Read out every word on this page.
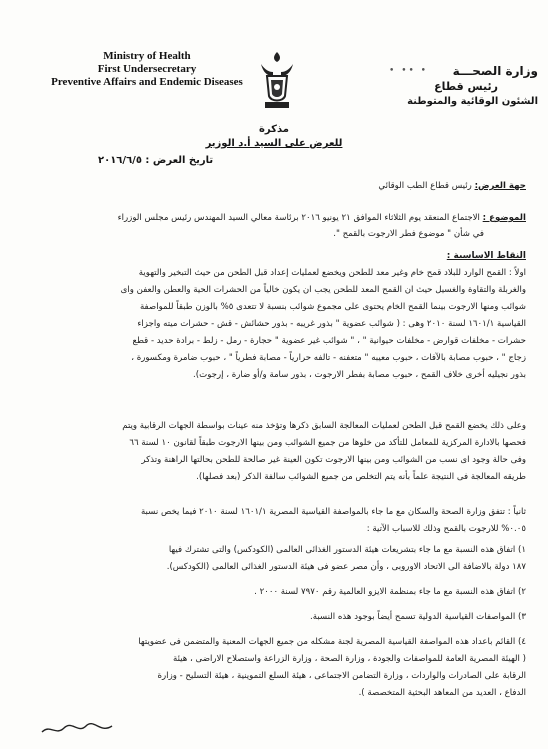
Ministry of Health
First Undersecretary
Preventive Affairs and Endemic Diseases
• •• •	وزارة الصحـــة
رئيس قطاع
الشئون الوقائية والمتوطنة
مذكرة
للعرض على السيد أ.د الوزير
تاريخ العرض : ٢٠١٦/٦/٥
جهة العرض: رئيس قطاع الطب الوقائي
الموضوع : الاجتماع المنعقد يوم الثلاثاء الموافق ٢١ يونيو ٢٠١٦ برئاسة معالي السيد المهندس رئيس مجلس الوزراء
في شأن " موضوع فطر الارجوت بالقمح ".
النقاط الاساسية :
اولاً : القمح الوارد للبلاد قمح خام وغير معد للطحن ويخضع لعمليات إعداد قبل الطحن من حيث التبخير والتهوية
والغربلة والتقاوة والغسيل حيث ان القمح المعد للطحن يجب ان يكون خالياً من الحشرات الحية والعطن والعفن واى
شوائب ومنها الارجوت بينما القمح الخام يحتوى على مجموع شوائب بنسبة لا تتعدى ٥% بالوزن طبقاً للمواصفة
القياسية ١٦٠١/١ لسنة ٢٠١٠ وهى : ( شوائب عضوية " بذور غريبه - بذور حشائش - قش - حشرات ميته واجزاء
حشرات - مخلفات قوارض - مخلفات حيوانية " ، " شوائب غير عضوية " حجارة - رمل - زلط - برادة حديد - قطع
زجاج " ، حبوب مصابة بالآفات ، حبوب معيبه " متعفنه - تالفه حرارياً - مصابة فطرياً " ، حبوب ضامرة ومكسورة ،
بذور نجيليه أخرى خلاف القمح ، حبوب مصابة بفطر الارجوت ، بذور سامة و/أو ضارة ، إرجوت).
وعلى ذلك يخضع القمح قبل الطحن لعمليات المعالجة السابق ذكرها وتؤخذ منه عينات بواسطة الجهات الرقابية ويتم
فحصها بالادارة المركزية للمعامل للتأكد من خلوها من جميع الشوائب ومن بينها الارجوت طبقاً لقانون ١٠ لسنة ٦٦
وفى حالة وجود اى نسب من الشوائب ومن بينها الارجوت تكون العينة غير صالحة للطحن بحالتها الراهنة وتذكر
طريقه المعالجة فى النتيجة علماً بأنه يتم التخلص من جميع الشوائب سالفة الذكر (بعد فصلها).
ثانياً : تتفق وزارة الصحة والسكان مع ما جاء بالمواصفة القياسية المصرية ١٦٠١/١ لسنة ٢٠١٠ فيما يخص نسبة
٠.٠٥% للارجوت بالقمح وذلك للاسباب الآتية :
١) اتفاق هذه النسبة مع ما جاء بتشريعات هيئة الدستور الغذائى العالمى (الكودكس) والتى تشترك فيها
١٨٧ دولة بالاضافة الى الاتحاد الاوروبى ، وأن مصر عضو فى هيئة الدستور الغذائى العالمى (الكودكس).
٢) اتفاق هذه النسبة مع ما جاء بمنظمة الايزو العالمية رقم ٧٩٧٠ لسنة ٢٠٠٠ .
٣) المواصفات القياسية الدولية تسمح أيضاً بوجود هذه النسبة.
٤) القائم باعداد هذه المواصفة القياسية المصرية لجنة مشكله من جميع الجهات المعنية والمتضمن فى عضويتها
( الهيئة المصرية العامة للمواصفات والجودة ، وزارة الصحة ، وزارة الزراعة واستصلاح الاراضى ، هيئة
الرقابة على الصادرات والواردات ، وزارة التضامن الاجتماعى ، هيئة السلع التموينية ، هيئة التسليح - وزارة
الدفاع ، العديد من المعاهد البحثية المتخصصة ).
